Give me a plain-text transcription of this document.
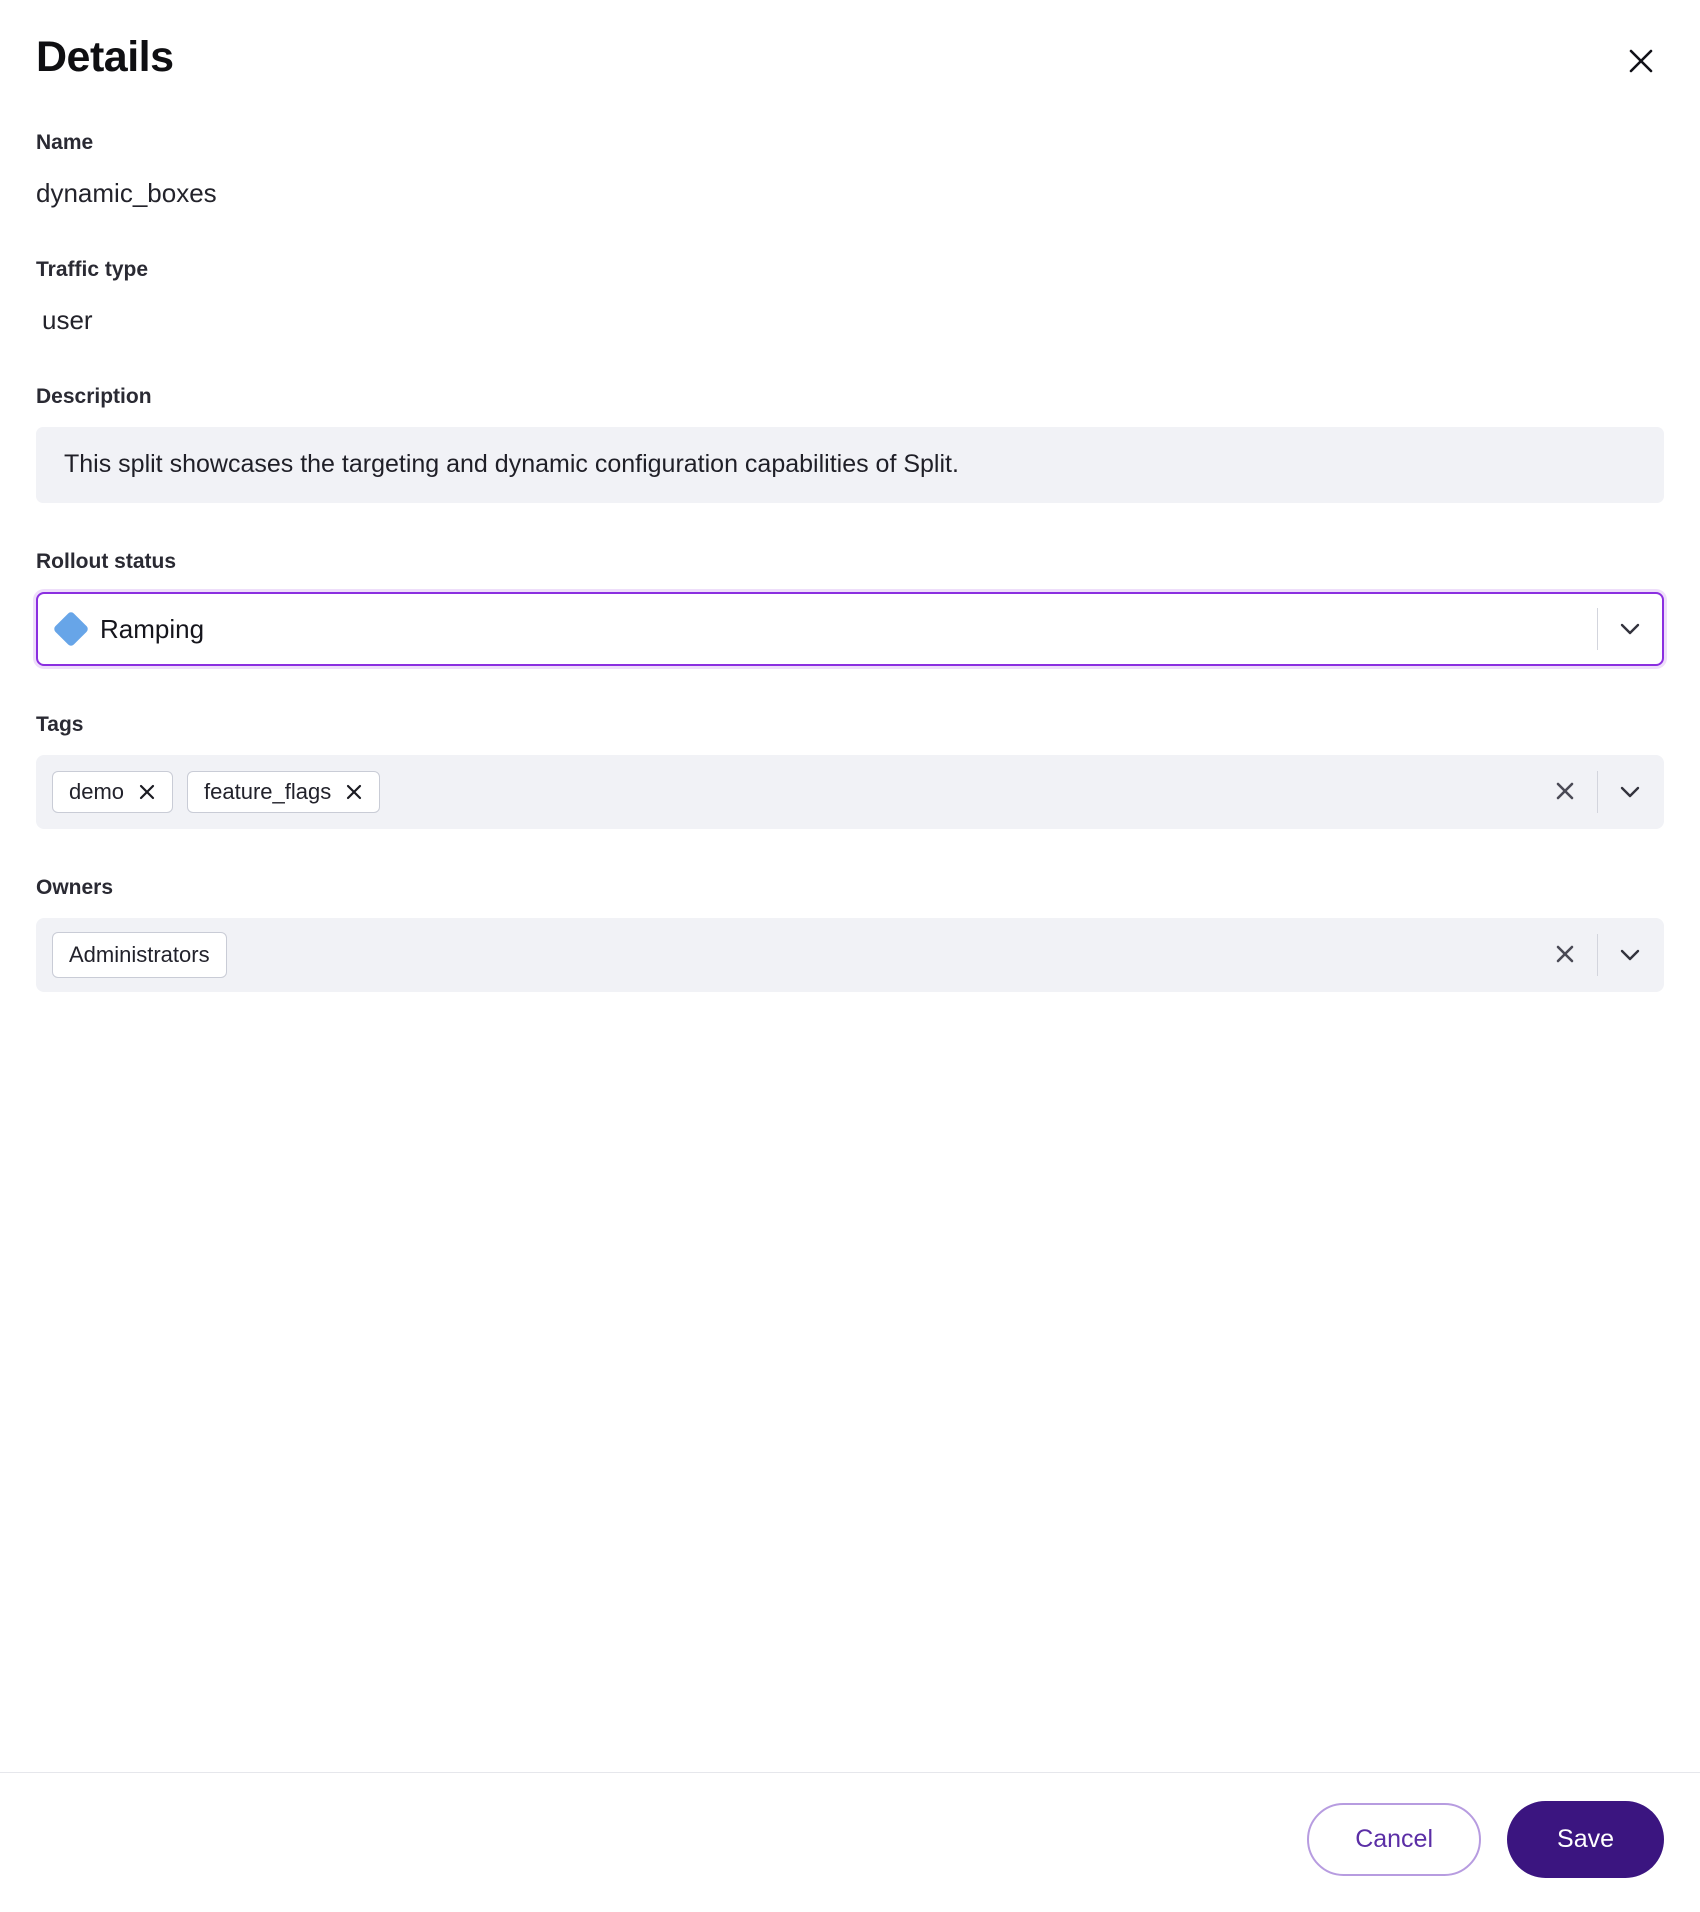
Details
Name
dynamic_boxes
Traffic type
user
Description
This split showcases the targeting and dynamic configuration capabilities of Split.
Rollout status
Ramping
Tags
demo	feature_flags
Owners
Administrators
Cancel	Save
